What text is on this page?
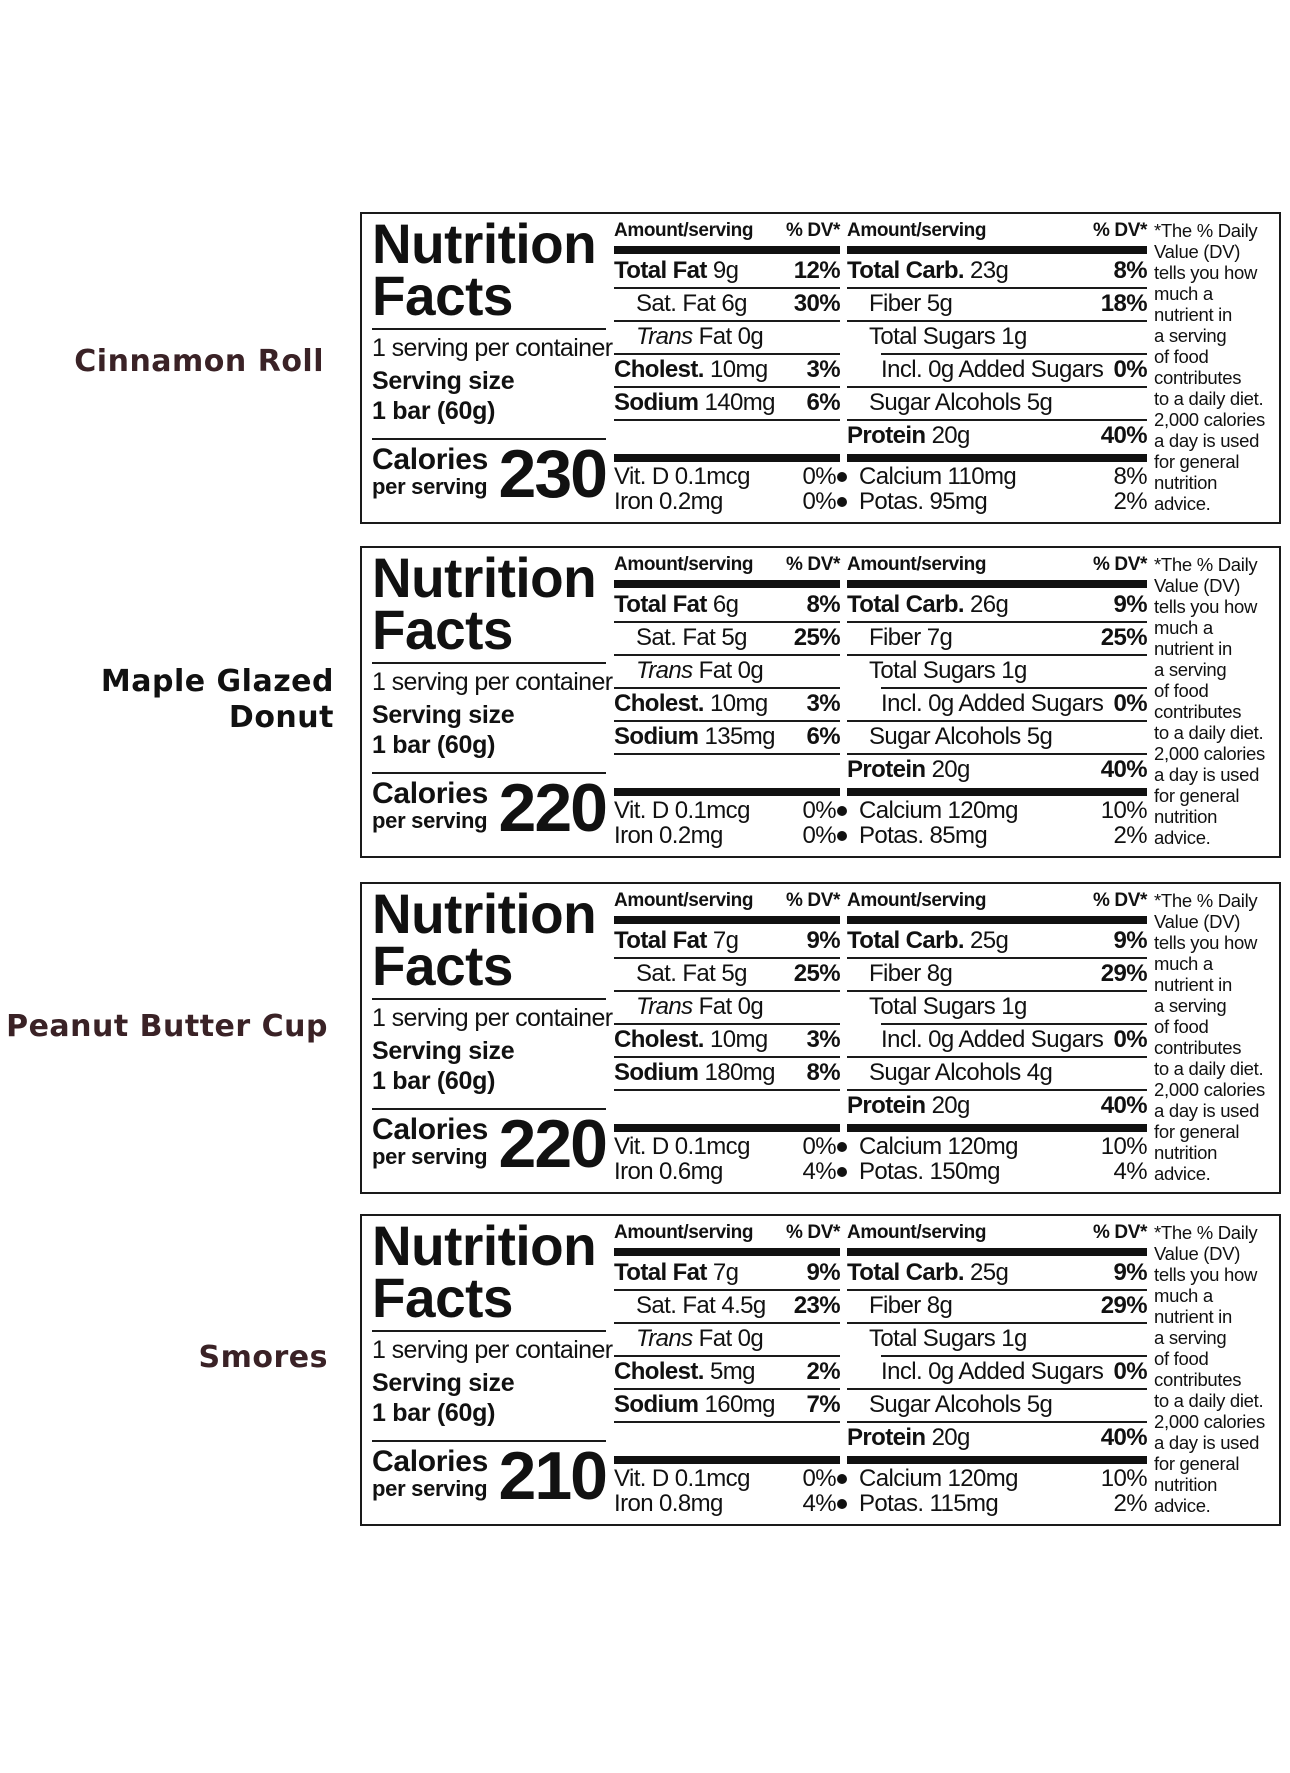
Cinnamon Roll
Nutrition
Facts
1 serving per container
Serving size
1 bar (60g)
Calories
per serving 230
Amount/serving % DV*
Total Fat 9g 12%
Sat. Fat 6g 30%
Trans Fat 0g
Cholest. 10mg 3%
Sodium 140mg 6%
Vit. D 0.1mcg 0%
Iron 0.2mg	0%
Amount/serving	% DV*
Total Carb. 23g	8%
Fiber 5g	18%
Total Sugars 1g
Incl. 0g Added Sugars 0%
Sugar Alcohols 5g
Protein 20g	40%
Calcium 110mg	8%
Potas. 95mg	2%
*The % Daily
Value (DV)
tells you how
much a
nutrient in
a serving
of food
contributes
to a daily diet.
2,000 calories
a day is used
for general
nutrition
advice.
Maple Glazed
Donut
Nutrition
Facts
1 serving per container
Serving size
1 bar (60g)
Calories
per serving 220
Amount/serving % DV*
Total Fat 6g	8%
Sat. Fat 5g 25%
Trans Fat 0g
Cholest. 10mg 3%
Sodium 135mg 6%
Vit. D 0.1mcg 0%
Iron 0.2mg	0%
Amount/serving	% DV*
Total Carb. 26g	9%
Fiber 7g	25%
Total Sugars 1g
Incl. 0g Added Sugars 0%
Sugar Alcohols 5g
Protein 20g	40%
Calcium 120mg	10%
Potas. 85mg	2%
*The % Daily
Value (DV)
tells you how
much a
nutrient in
a serving
of food
contributes
to a daily diet.
2,000 calories
a day is used
for general
nutrition
advice.
Peanut Butter Cup
Nutrition
Facts
1 serving per container
Serving size
1 bar (60g)
Calories
per serving 220
Amount/serving % DV*
Total Fat 7g	9%
Sat. Fat 5g 25%
Trans Fat 0g
Cholest. 10mg 3%
Sodium 180mg 8%
Vit. D 0.1mcg 0%
Iron 0.6mg	4%
Amount/serving	% DV*
Total Carb. 25g	9%
Fiber 8g	29%
Total Sugars 1g
Incl. 0g Added Sugars 0%
Sugar Alcohols 4g
Protein 20g	40%
Calcium 120mg	10%
Potas. 150mg	4%
*The % Daily
Value (DV)
tells you how
much a
nutrient in
a serving
of food
contributes
to a daily diet.
2,000 calories
a day is used
for general
nutrition
advice.
Smores
Nutrition
Facts
1 serving per container
Serving size
1 bar (60g)
Calories
per serving 210
Amount/serving % DV*
Total Fat 7g	9%
Sat. Fat 4.5g 23%
Trans Fat 0g
Cholest. 5mg 2%
Sodium 160mg 7%
Vit. D 0.1mcg 0%
Iron 0.8mg	4%
Amount/serving	% DV*
Total Carb. 25g	9%
Fiber 8g	29%
Total Sugars 1g
Incl. 0g Added Sugars 0%
Sugar Alcohols 5g
Protein 20g	40%
Calcium 120mg	10%
Potas. 115mg	2%
*The % Daily
Value (DV)
tells you how
much a
nutrient in
a serving
of food
contributes
to a daily diet.
2,000 calories
a day is used
for general
nutrition
advice.
